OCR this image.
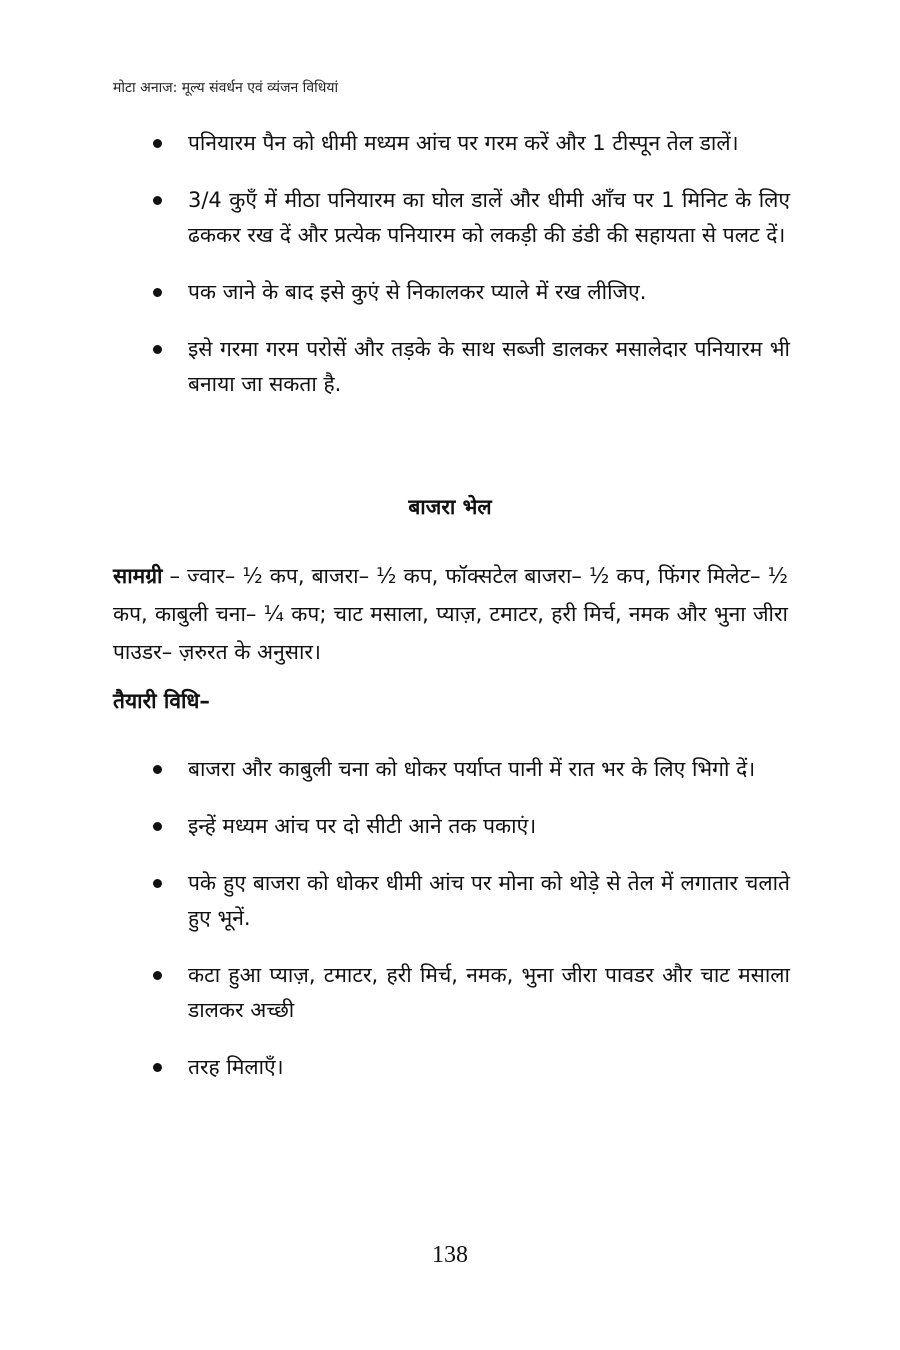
मोटा अनाज: मूल्य संवर्धन एवं व्यंजन विधियां
पनियारम पैन को धीमी मध्यम आंच पर गरम करें और 1 टीस्पून तेल डालें।
3/4 कुएँ में मीठा पनियारम का घोल डालें और धीमी आँच पर 1 मिनिट के लिए ढककर रख दें और प्रत्येक पनियारम को लकड़ी की डंडी की सहायता से पलट दें।
पक जाने के बाद इसे कुएं से निकालकर प्याले में रख लीजिए.
इसे गरमा गरम परोसें और तड़के के साथ सब्जी डालकर मसालेदार पनियारम भी बनाया जा सकता है.
बाजरा भेल

सामग्री – ज्वार– ½ कप, बाजरा– ½ कप, फॉक्सटेल बाजरा– ½ कप, फिंगर मिलेट– ½ कप, काबुली चना– ¼ कप; चाट मसाला, प्याज़, टमाटर, हरी मिर्च, नमक और भुना जीरा पाउडर– ज़रुरत के अनुसार।

तैयारी विधि–
बाजरा और काबुली चना को धोकर पर्याप्त पानी में रात भर के लिए भिगो दें।
इन्हें मध्यम आंच पर दो सीटी आने तक पकाएं।
पके हुए बाजरा को धोकर धीमी आंच पर मोना को थोड़े से तेल में लगातार चलाते हुए भूनें.
कटा हुआ प्याज़, टमाटर, हरी मिर्च, नमक, भुना जीरा पावडर और चाट मसाला डालकर अच्छी
तरह मिलाएँ।
138
